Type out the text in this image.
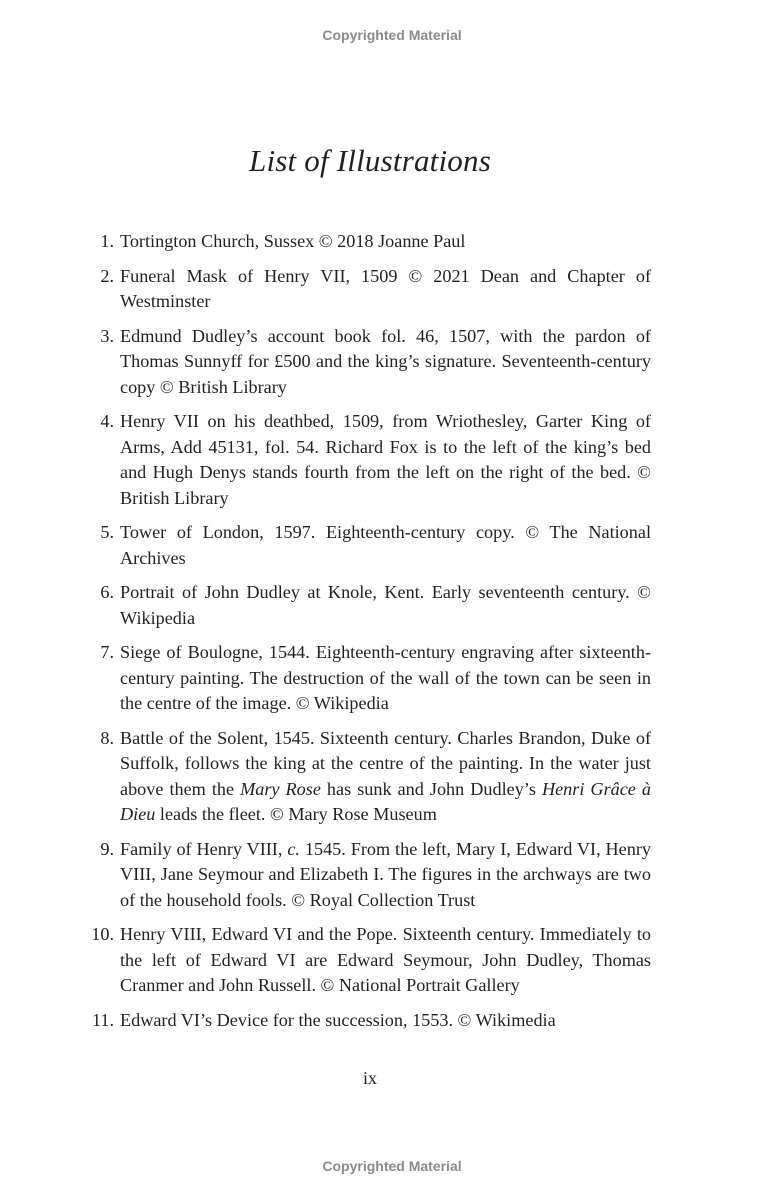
Copyrighted Material
List of Illustrations
1. Tortington Church, Sussex © 2018 Joanne Paul
2. Funeral Mask of Henry VII, 1509 © 2021 Dean and Chapter of Westminster
3. Edmund Dudley’s account book fol. 46, 1507, with the pardon of Thomas Sunnyff for £500 and the king’s signature. Seventeenth-century copy © British Library
4. Henry VII on his deathbed, 1509, from Wriothesley, Garter King of Arms, Add 45131, fol. 54. Richard Fox is to the left of the king’s bed and Hugh Denys stands fourth from the left on the right of the bed. © British Library
5. Tower of London, 1597. Eighteenth-century copy. © The National Archives
6. Portrait of John Dudley at Knole, Kent. Early seventeenth century. © Wikipedia
7. Siege of Boulogne, 1544. Eighteenth-century engraving after sixteenth-century painting. The destruction of the wall of the town can be seen in the centre of the image. © Wikipedia
8. Battle of the Solent, 1545. Sixteenth century. Charles Brandon, Duke of Suffolk, follows the king at the centre of the painting. In the water just above them the Mary Rose has sunk and John Dudley’s Henri Grâce à Dieu leads the fleet. © Mary Rose Museum
9. Family of Henry VIII, c. 1545. From the left, Mary I, Edward VI, Henry VIII, Jane Seymour and Elizabeth I. The figures in the archways are two of the household fools. © Royal Collection Trust
10. Henry VIII, Edward VI and the Pope. Sixteenth century. Immediately to the left of Edward VI are Edward Seymour, John Dudley, Thomas Cranmer and John Russell. © National Portrait Gallery
11. Edward VI’s Device for the succession, 1553. © Wikimedia
ix
Copyrighted Material
